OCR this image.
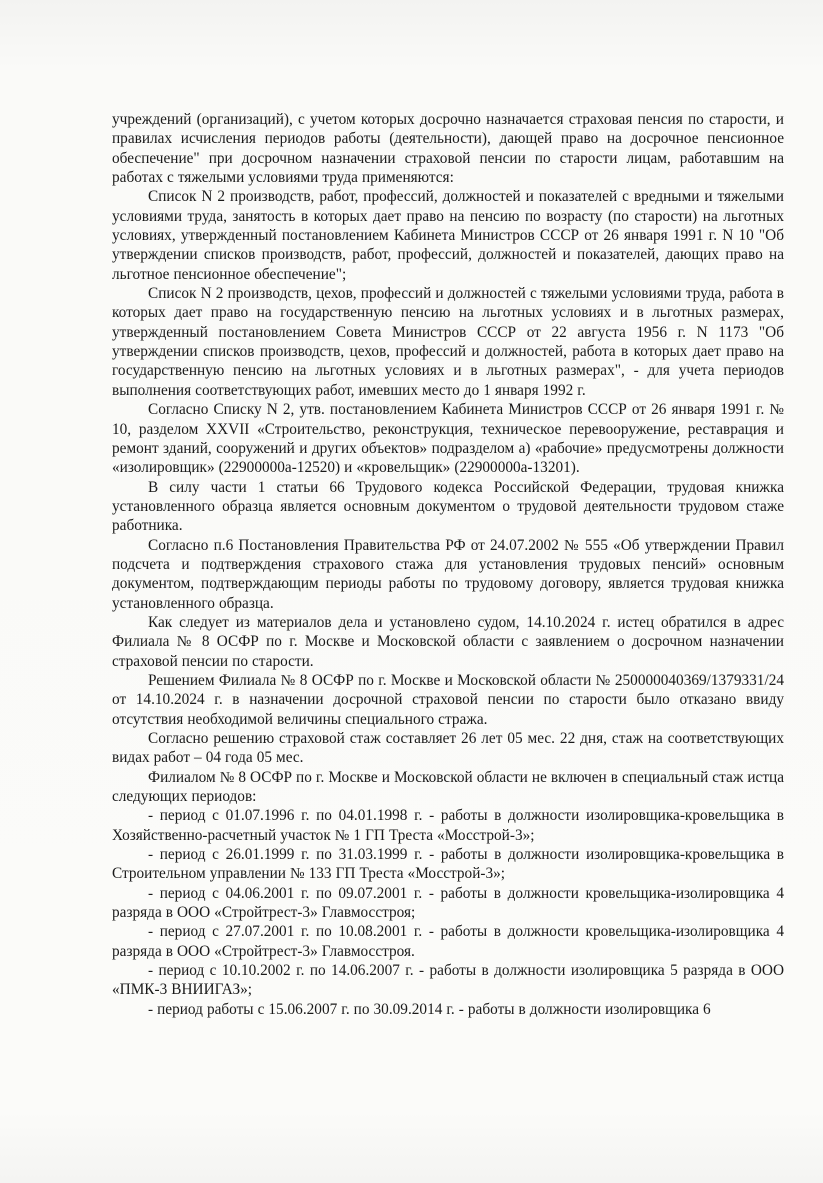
учреждений (организаций), с учетом которых досрочно назначается страховая пенсия по старости, и правилах исчисления периодов работы (деятельности), дающей право на досрочное пенсионное обеспечение" при досрочном назначении страховой пенсии по старости лицам, работавшим на работах с тяжелыми условиями труда применяются:

Список N 2 производств, работ, профессий, должностей и показателей с вредными и тяжелыми условиями труда, занятость в которых дает право на пенсию по возрасту (по старости) на льготных условиях, утвержденный постановлением Кабинета Министров СССР от 26 января 1991 г. N 10 "Об утверждении списков производств, работ, профессий, должностей и показателей, дающих право на льготное пенсионное обеспечение";

Список N 2 производств, цехов, профессий и должностей с тяжелыми условиями труда, работа в которых дает право на государственную пенсию на льготных условиях и в льготных размерах, утвержденный постановлением Совета Министров СССР от 22 августа 1956 г. N 1173 "Об утверждении списков производств, цехов, профессий и должностей, работа в которых дает право на государственную пенсию на льготных условиях и в льготных размерах", - для учета периодов выполнения соответствующих работ, имевших место до 1 января 1992 г.

Согласно Списку N 2, утв. постановлением Кабинета Министров СССР от 26 января 1991 г. № 10, разделом XXVII «Строительство, реконструкция, техническое перевооружение, реставрация и ремонт зданий, сооружений и других объектов» подразделом а) «рабочие» предусмотрены должности «изолировщик» (22900000а-12520) и «кровельщик» (22900000а-13201).

В силу части 1 статьи 66 Трудового кодекса Российской Федерации, трудовая книжка установленного образца является основным документом о трудовой деятельности трудовом стаже работника.

Согласно п.6 Постановления Правительства РФ от 24.07.2002 № 555 «Об утверждении Правил подсчета и подтверждения страхового стажа для установления трудовых пенсий» основным документом, подтверждающим периоды работы по трудовому договору, является трудовая книжка установленного образца.

Как следует из материалов дела и установлено судом, 14.10.2024 г. истец обратился в адрес Филиала № 8 ОСФР по г. Москве и Московской области с заявлением о досрочном назначении страховой пенсии по старости.

Решением Филиала № 8 ОСФР по г. Москве и Московской области № 250000040369/1379331/24 от 14.10.2024 г. в назначении досрочной страховой пенсии по старости было отказано ввиду отсутствия необходимой величины специального стража.

Согласно решению страховой стаж составляет 26 лет 05 мес. 22 дня, стаж на соответствующих видах работ – 04 года 05 мес.

Филиалом № 8 ОСФР по г. Москве и Московской области не включен в специальный стаж истца следующих периодов:

- период с 01.07.1996 г. по 04.01.1998 г. - работы в должности изолировщика-кровельщика в Хозяйственно-расчетный участок № 1 ГП Треста «Мосстрой-3»;

- период с 26.01.1999 г. по 31.03.1999 г. - работы в должности изолировщика-кровельщика в Строительном управлении № 133 ГП Треста «Мосстрой-3»;

- период с 04.06.2001 г. по 09.07.2001 г. - работы в должности кровельщика-изолировщика 4 разряда в ООО «Стройтрест-3» Главмосстроя;

- период с 27.07.2001 г. по 10.08.2001 г. - работы в должности кровельщика-изолировщика 4 разряда в ООО «Стройтрест-3» Главмосстроя.

- период с 10.10.2002 г. по 14.06.2007 г. - работы в должности изолировщика 5 разряда в ООО «ПМК-3 ВНИИГАЗ»;

- период работы с 15.06.2007 г. по 30.09.2014 г. - работы в должности изолировщика 6
